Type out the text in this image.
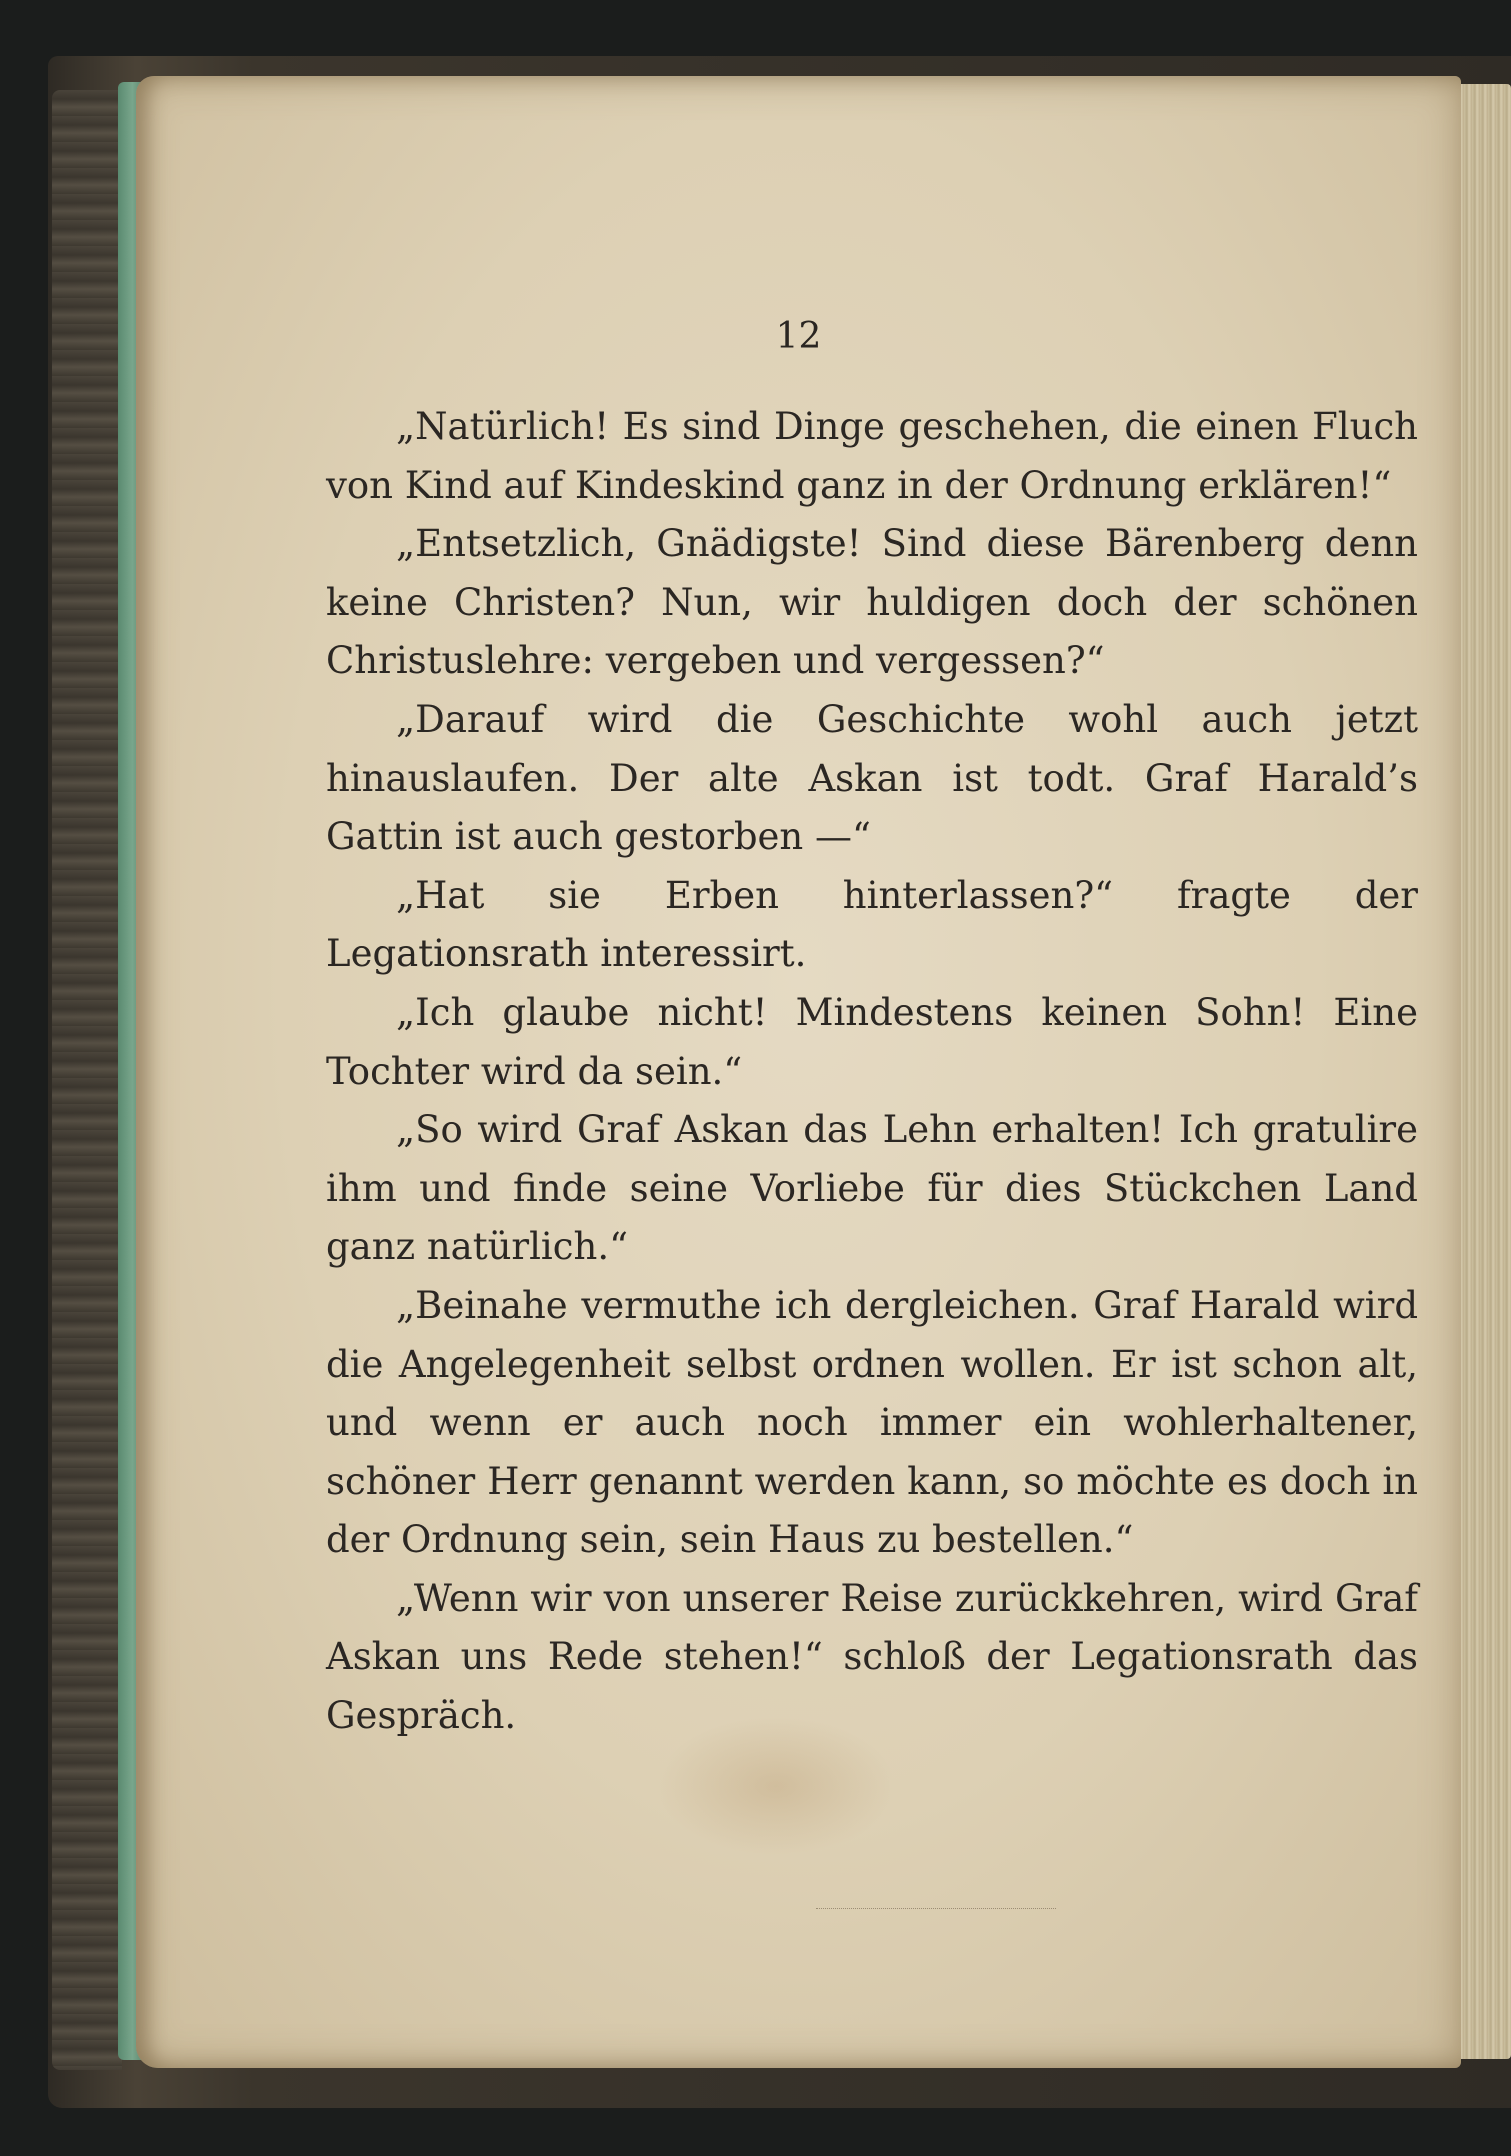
12

„Natürlich! Es sind Dinge geschehen, die einen Fluch von Kind auf Kindeskind ganz in der Ordnung erklären!“

„Entsetzlich, Gnädigste! Sind diese Bärenberg denn keine Christen? Nun, wir huldigen doch der schönen Christuslehre: vergeben und vergessen?“

„Darauf wird die Geschichte wohl auch jetzt hinauslaufen. Der alte Askan ist todt. Graf Harald’s Gattin ist auch gestorben —“

„Hat sie Erben hinterlassen?“ fragte der Legationsrath interessirt.

„Ich glaube nicht! Mindestens keinen Sohn! Eine Tochter wird da sein.“

„So wird Graf Askan das Lehn erhalten! Ich gratulire ihm und finde seine Vorliebe für dies Stückchen Land ganz natürlich.“

„Beinahe vermuthe ich dergleichen. Graf Harald wird die Angelegenheit selbst ordnen wollen. Er ist schon alt, und wenn er auch noch immer ein wohlerhaltener, schöner Herr genannt werden kann, so möchte es doch in der Ordnung sein, sein Haus zu bestellen.“

„Wenn wir von unserer Reise zurückkehren, wird Graf Askan uns Rede stehen!“ schloß der Legationsrath das Gespräch.
